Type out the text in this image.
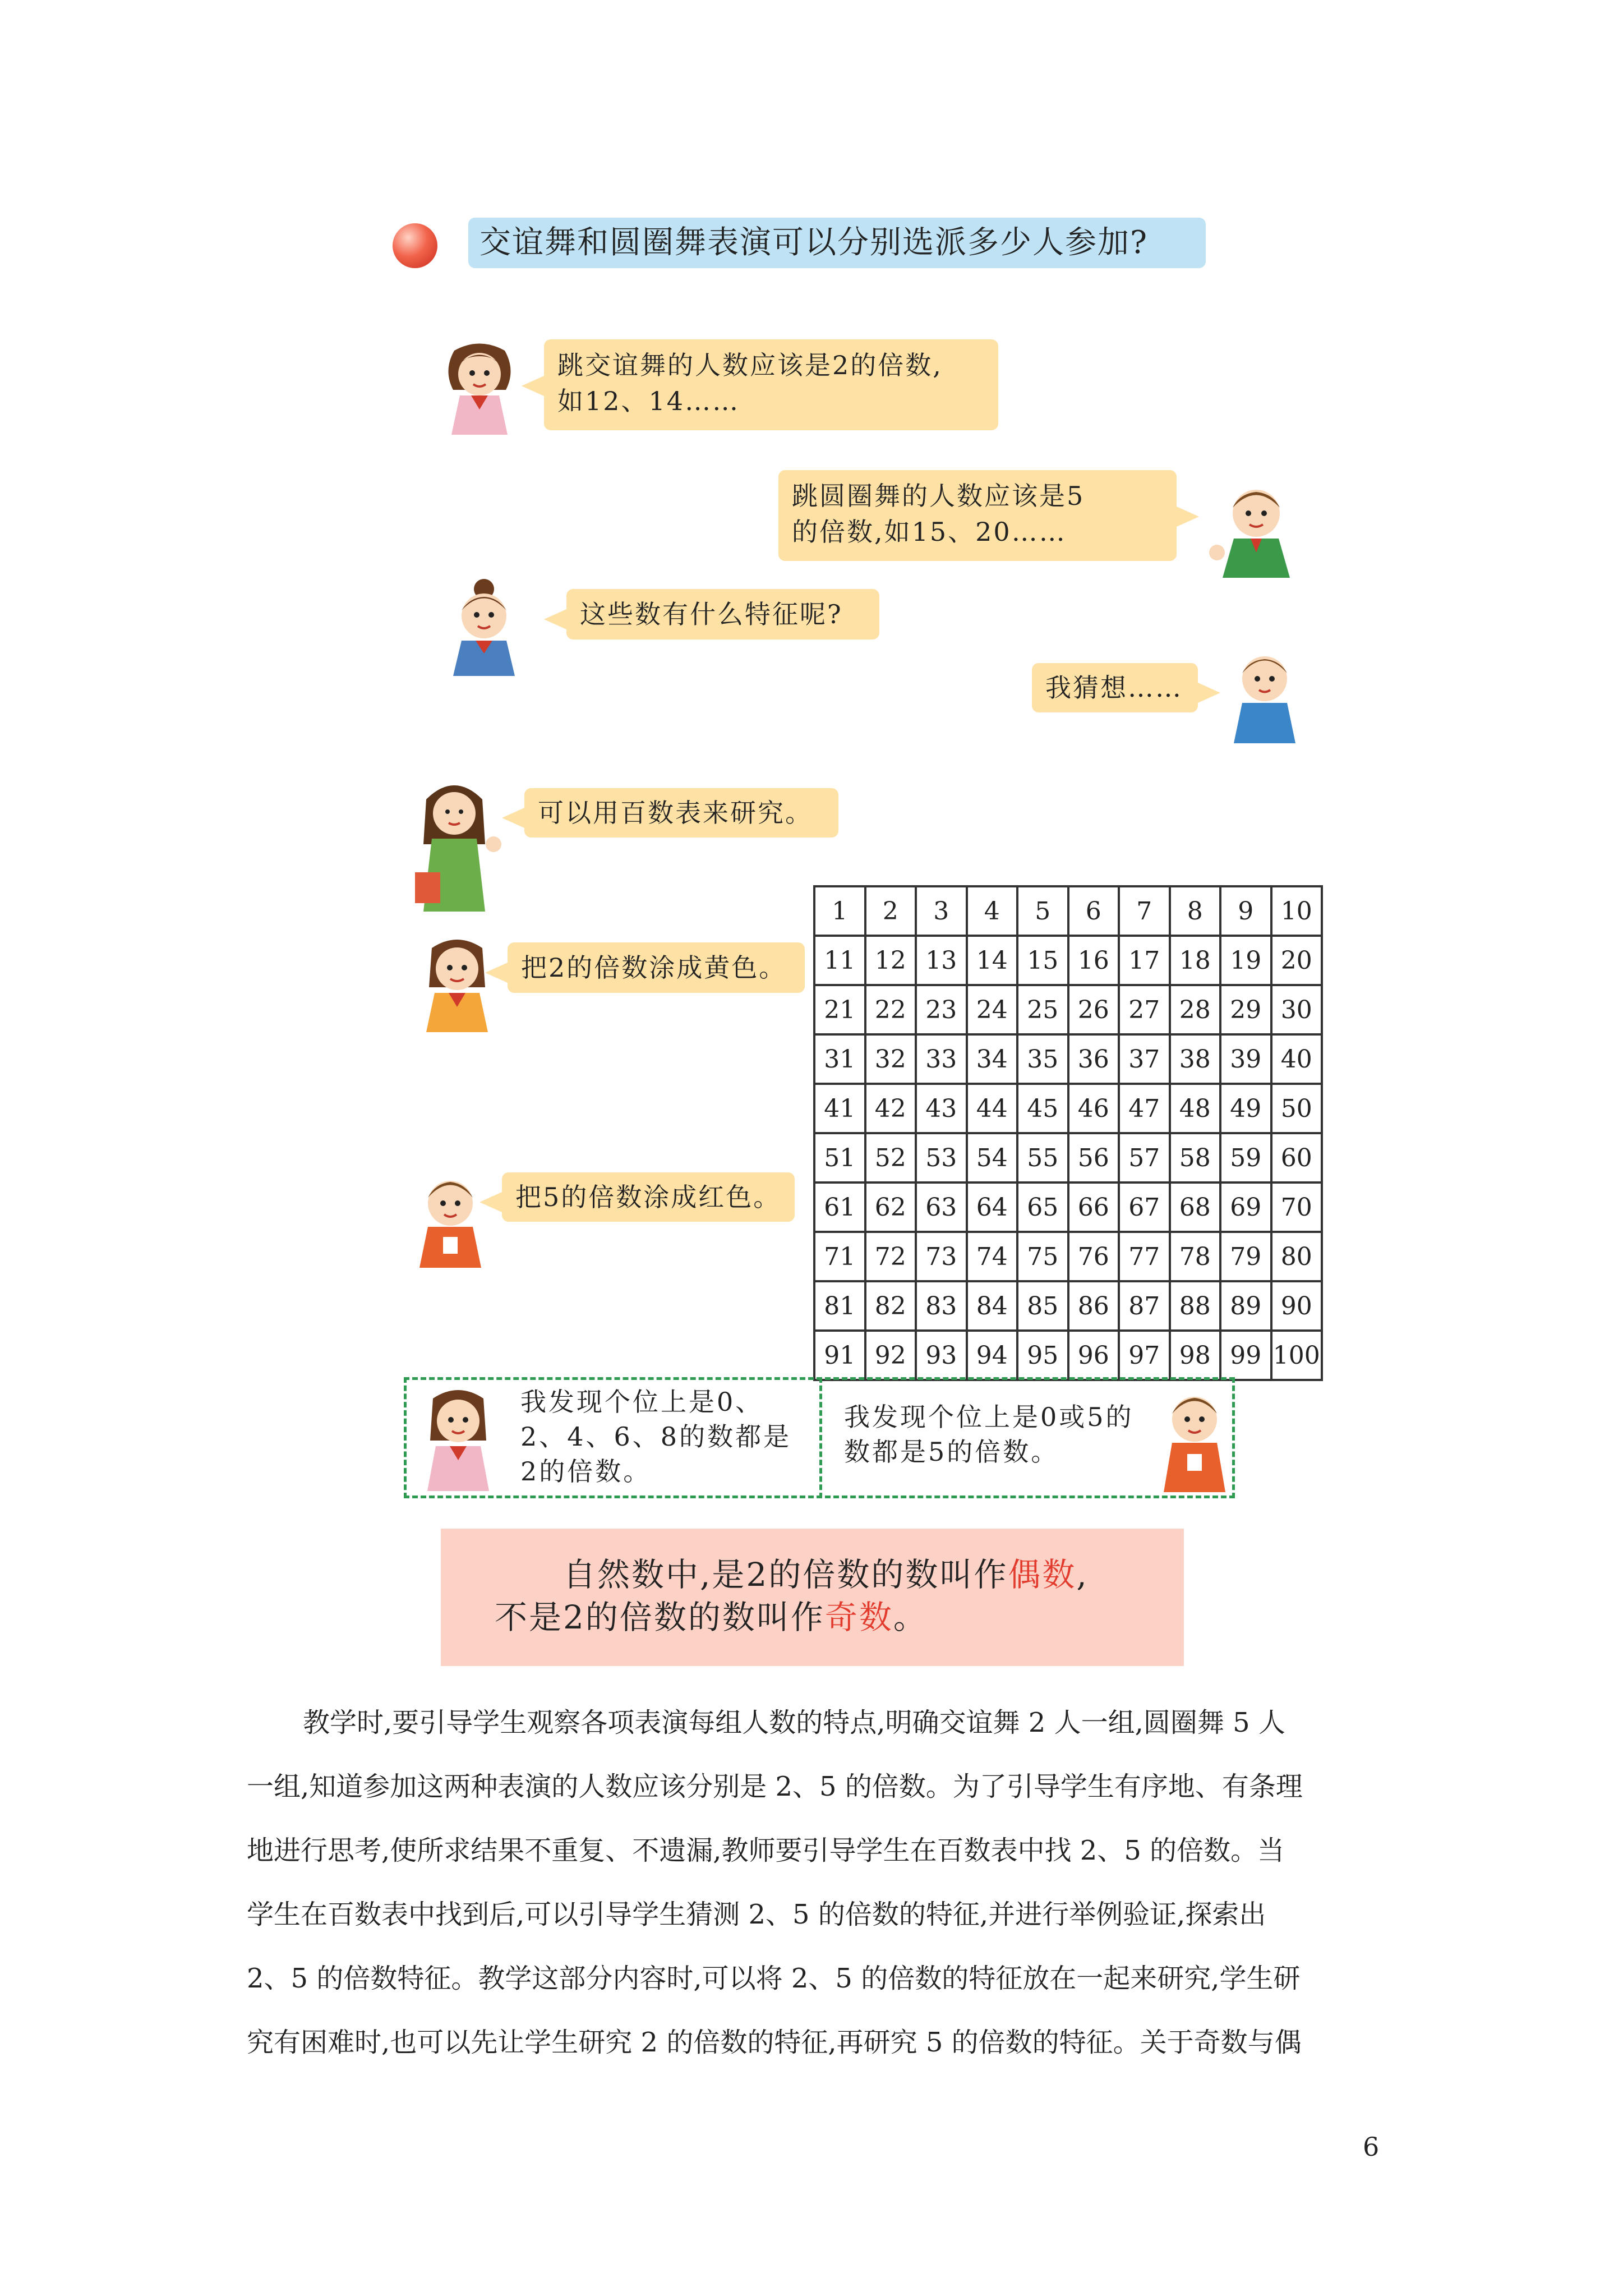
交谊舞和圆圈舞表演可以分别选派多少人参加?
跳交谊舞的人数应该是2的倍数,
如12、14……
跳圆圈舞的人数应该是5
的倍数,如15、20……
这些数有什么特征呢?
我猜想……
可以用百数表来研究。
把2的倍数涂成黄色。
把5的倍数涂成红色。
1	2	3	4	5	6	7	8	9	10
11	12	13	14	15	16	17	18	19	20
21	22	23	24	25	26	27	28	29	30
31	32	33	34	35	36	37	38	39	40
41	42	43	44	45	46	47	48	49	50
51	52	53	54	55	56	57	58	59	60
61	62	63	64	65	66	67	68	69	70
71	72	73	74	75	76	77	78	79	80
81	82	83	84	85	86	87	88	89	90
91	92	93	94	95	96	97	98	99	100
我发现个位上是0、
2、4、6、8的数都是
2的倍数。
我发现个位上是0或5的
数都是5的倍数。
自然数中,是2的倍数的数叫作偶数,
不是2的倍数的数叫作奇数。
教学时,要引导学生观察各项表演每组人数的特点,明确交谊舞 2 人一组,圆圈舞 5 人
一组,知道参加这两种表演的人数应该分别是 2、5 的倍数。为了引导学生有序地、有条理
地进行思考,使所求结果不重复、不遗漏,教师要引导学生在百数表中找 2、5 的倍数。当
学生在百数表中找到后,可以引导学生猜测 2、5 的倍数的特征,并进行举例验证,探索出
2、5 的倍数特征。教学这部分内容时,可以将 2、5 的倍数的特征放在一起来研究,学生研
究有困难时,也可以先让学生研究 2 的倍数的特征,再研究 5 的倍数的特征。关于奇数与偶
6
